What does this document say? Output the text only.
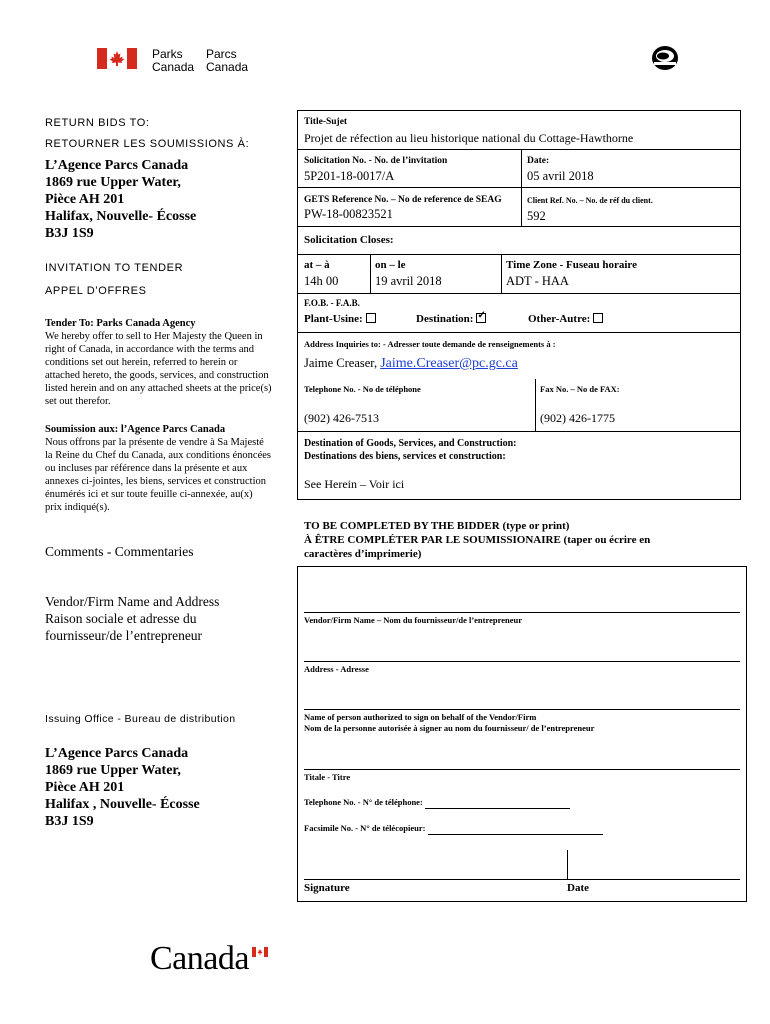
Parks
Canada
Parcs
Canada
RETURN BIDS TO:
RETOURNER LES SOUMISSIONS À:
L’Agence Parcs Canada
1869 rue Upper Water,
Pièce AH 201
Halifax, Nouvelle- Écosse
B3J 1S9
INVITATION TO TENDER
APPEL D’OFFRES
Tender To: Parks Canada Agency
We hereby offer to sell to Her Majesty the Queen in
right of Canada, in accordance with the terms and
conditions set out herein, referred to herein or
attached hereto, the goods, services, and construction
listed herein and on any attached sheets at the price(s)
set out therefor.
Soumission aux: l’Agence Parcs Canada
Nous offrons par la présente de vendre à Sa Majesté
la Reine du Chef du Canada, aux conditions énoncées
ou incluses par référence dans la présente et aux
annexes ci-jointes, les biens, services et construction
énumérés ici et sur toute feuille ci-annexée, au(x)
prix indiqué(s).
Comments - Commentaries
Vendor/Firm Name and Address
Raison sociale et adresse du
fournisseur/de l’entrepreneur
Issuing Office - Bureau de distribution
L’Agence Parcs Canada
1869 rue Upper Water,
Pièce AH 201
Halifax , Nouvelle- Écosse
B3J 1S9
Title-Sujet
Projet de réfection au lieu historique national du Cottage-Hawthorne
Solicitation No. - No. de l’invitation
5P201-18-0017/A
Date:
05 avril 2018
GETS Reference No. – No de reference de SEAG
PW-18-00823521
Client Ref. No. – No. de réf du client.
592
Solicitation Closes:
at – à
14h 00
on – le
19 avril 2018
Time Zone - Fuseau horaire
ADT - HAA
F.O.B. - F.A.B.
Plant-Usine:	Destination:✓	Other-Autre:
Address Inquiries to: - Adresser toute demande de renseignements à :
Jaime Creaser, Jaime.Creaser@pc.gc.ca
Telephone No. - No de téléphone	Fax No. – No de FAX:
(902) 426-7513	(902) 426-1775
Destination of Goods, Services, and Construction:
Destinations des biens, services et construction:
See Herein – Voir ici
TO BE COMPLETED BY THE BIDDER (type or print)
À ÊTRE COMPLÉTER PAR LE SOUMISSIONAIRE (taper ou écrire en
caractères d’imprimerie)
Vendor/Firm Name – Nom du fournisseur/de l’entrepreneur
Address - Adresse
Name of person authorized to sign on behalf of the Vendor/Firm
Nom de la personne autorisée à signer au nom du fournisseur/ de l’entrepreneur
Titale - Titre
Telephone No. - N° de téléphone:
Facsimile No. - N° de télécopieur:
Signature	Date
Canada
